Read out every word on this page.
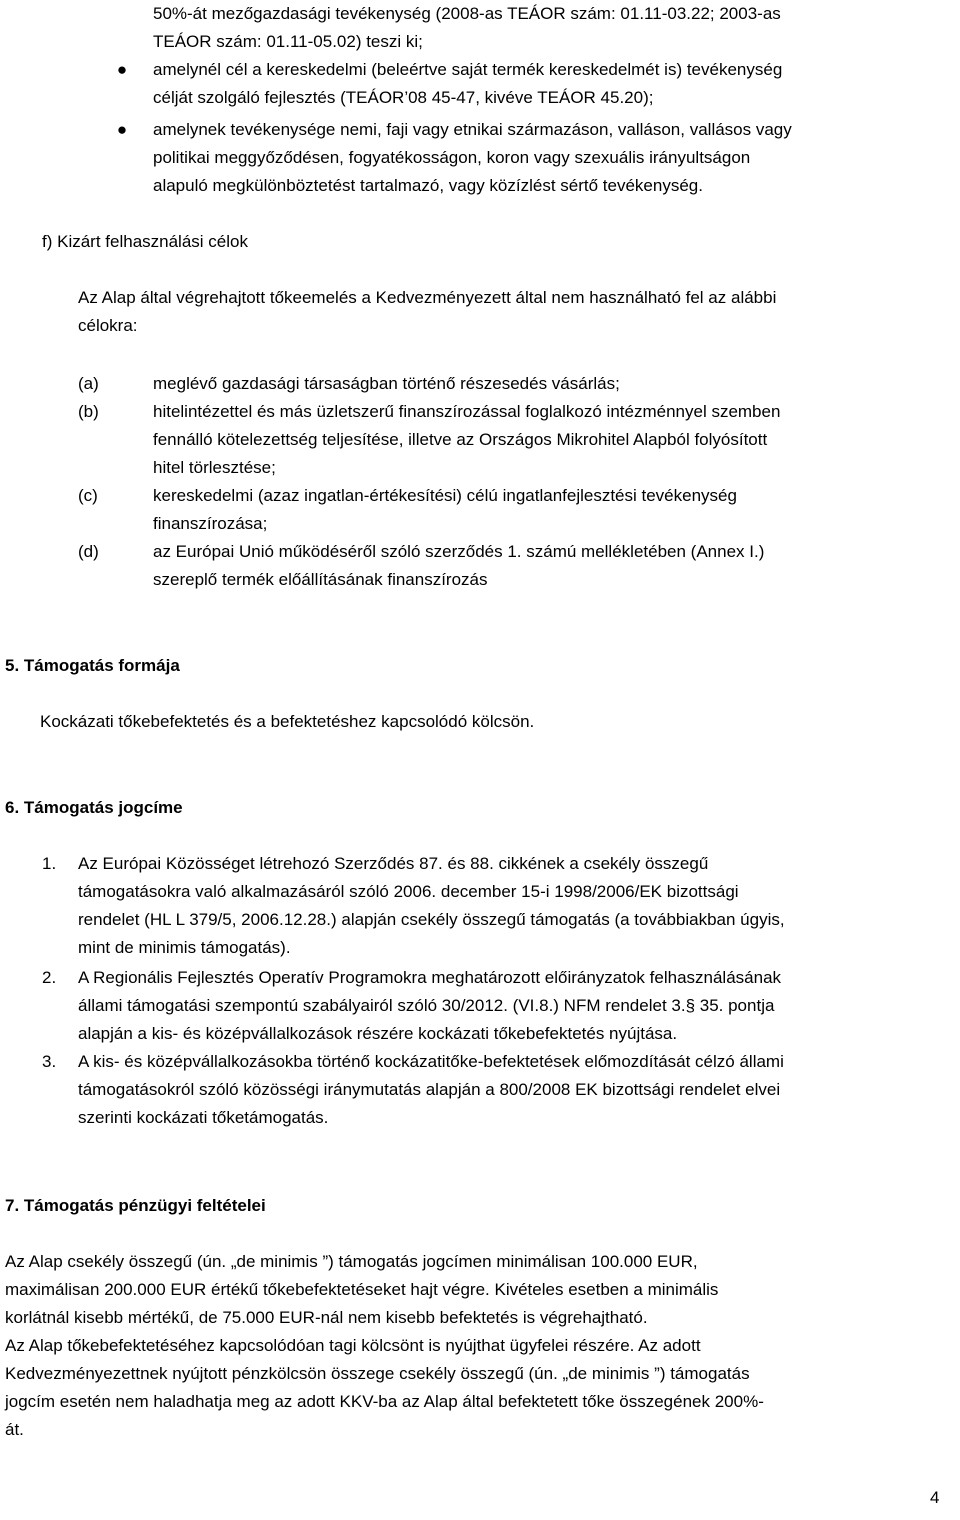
50%-át mezőgazdasági tevékenység (2008-as TEÁOR szám: 01.11-03.22; 2003-as
TEÁOR szám: 01.11-05.02) teszi ki;
● amelynél cél a kereskedelmi (beleértve saját termék kereskedelmét is) tevékenység
célját szolgáló fejlesztés (TEÁOR’08 45-47, kivéve TEÁOR 45.20);
● amelynek tevékenysége nemi, faji vagy etnikai származáson, valláson, vallásos vagy
politikai meggyőződésen, fogyatékosságon, koron vagy szexuális irányultságon
alapuló megkülönböztetést tartalmazó, vagy közízlést sértő tevékenység.
f) Kizárt felhasználási célok
Az Alap által végrehajtott tőkeemelés a Kedvezményezett által nem használható fel az alábbi
célokra:
(a)	meglévő gazdasági társaságban történő részesedés vásárlás;
(b)	hitelintézettel és más üzletszerű finanszírozással foglalkozó intézménnyel szemben
fennálló kötelezettség teljesítése, illetve az Országos Mikrohitel Alapból folyósított
hitel törlesztése;
(c)	kereskedelmi (azaz ingatlan-értékesítési) célú ingatlanfejlesztési tevékenység
finanszírozása;
(d)	az Európai Unió működéséről szóló szerződés 1. számú mellékletében (Annex I.)
szereplő termék előállításának finanszírozás
5. Támogatás formája
Kockázati tőkebefektetés és a befektetéshez kapcsolódó kölcsön.
6. Támogatás jogcíme
1. Az Európai Közösséget létrehozó Szerződés 87. és 88. cikkének a csekély összegű
támogatásokra való alkalmazásáról szóló 2006. december 15-i 1998/2006/EK bizottsági
rendelet (HL L 379/5, 2006.12.28.) alapján csekély összegű támogatás (a továbbiakban úgyis,
mint de minimis támogatás).
2. A Regionális Fejlesztés Operatív Programokra meghatározott előirányzatok felhasználásának
állami támogatási szempontú szabályairól szóló 30/2012. (VI.8.) NFM rendelet 3.§ 35. pontja
alapján a kis- és középvállalkozások részére kockázati tőkebefektetés nyújtása.
3. A kis- és középvállalkozásokba történő kockázatitőke-befektetések előmozdítását célzó állami
támogatásokról szóló közösségi iránymutatás alapján a 800/2008 EK bizottsági rendelet elvei
szerinti kockázati tőketámogatás.
7. Támogatás pénzügyi feltételei
Az Alap csekély összegű (ún. „de minimis ”) támogatás jogcímen minimálisan 100.000 EUR,
maximálisan 200.000 EUR értékű tőkebefektetéseket hajt végre. Kivételes esetben a minimális
korlátnál kisebb mértékű, de 75.000 EUR-nál nem kisebb befektetés is végrehajtható.
Az Alap tőkebefektetéséhez kapcsolódóan tagi kölcsönt is nyújthat ügyfelei részére. Az adott
Kedvezményezettnek nyújtott pénzkölcsön összege csekély összegű (ún. „de minimis ”) támogatás
jogcím esetén nem haladhatja meg az adott KKV-ba az Alap által befektetett tőke összegének 200%-
át.
4
